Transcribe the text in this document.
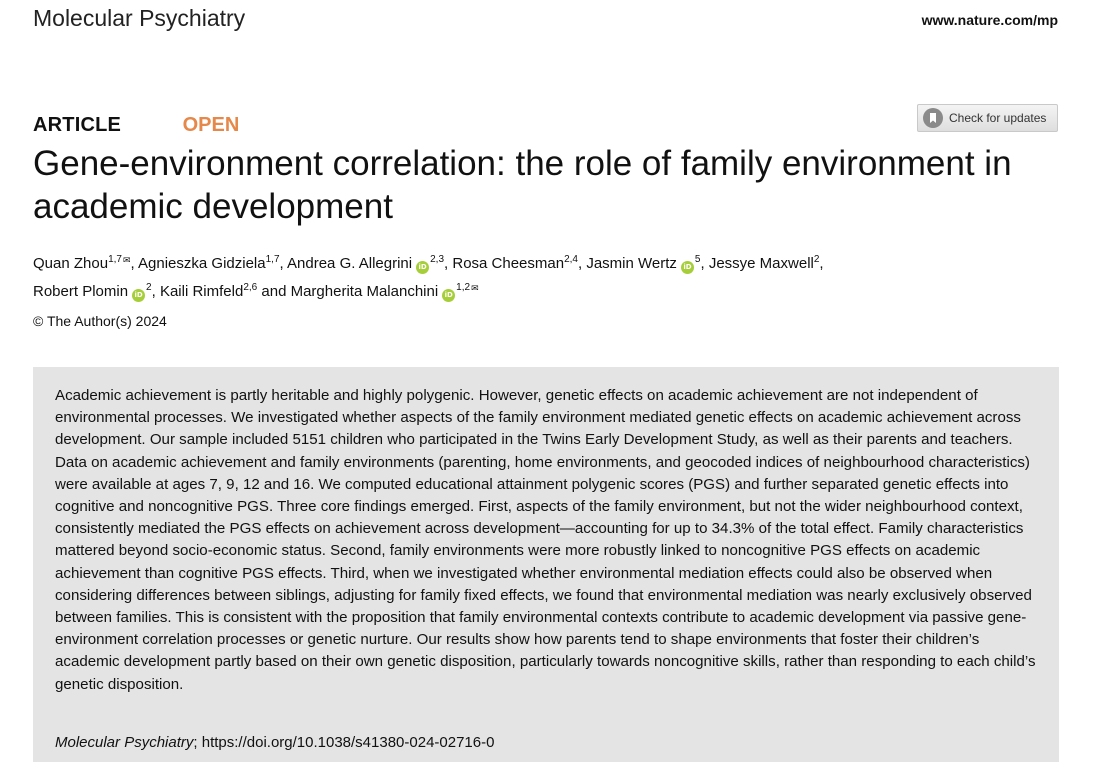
Molecular Psychiatry	www.nature.com/mp
ARTICLE	OPEN	Check for updates
Gene-environment correlation: the role of family environment in academic development
Quan Zhou$^{1,7}$✉, Agnieszka Gidziela$^{1,7}$, Andrea G. Allegrini iD$^{2,3}$, Rosa Cheesman$^{2,4}$, Jasmin Wertz $iD^5$, Jessye Maxwell$^2$,
Robert Plomin $iD^2$, Kaili Rimfeld$^{2,6}$ and Margherita Malanchini iD$^{1,2}$✉
© The Author(s) 2024

Academic achievement is partly heritable and highly polygenic. However, genetic effects on academic achievement are not independent of environmental processes. We investigated whether aspects of the family environment mediated genetic effects on academic achievement across development. Our sample included 5151 children who participated in the Twins Early Development Study, as well as their parents and teachers. Data on academic achievement and family environments (parenting, home environments, and geocoded indices of neighbourhood characteristics) were available at ages 7, 9, 12 and 16. We computed educational attainment polygenic scores (PGS) and further separated genetic effects into cognitive and noncognitive PGS. Three core findings emerged. First, aspects of the family environment, but not the wider neighbourhood context, consistently mediated the PGS effects on achievement across development—accounting for up to 34.3% of the total effect. Family characteristics mattered beyond socio-economic status. Second, family environments were more robustly linked to noncognitive PGS effects on academic achievement than cognitive PGS effects. Third, when we investigated whether environmental mediation effects could also be observed when considering differences between siblings, adjusting for family fixed effects, we found that environmental mediation was nearly exclusively observed between families. This is consistent with the proposition that family environmental contexts contribute to academic development via passive gene-environment correlation processes or genetic nurture. Our results show how parents tend to shape environments that foster their children’s academic development partly based on their own genetic disposition, particularly towards noncognitive skills, rather than responding to each child’s genetic disposition.

Molecular Psychiatry; https://doi.org/10.1038/s41380-024-02716-0
